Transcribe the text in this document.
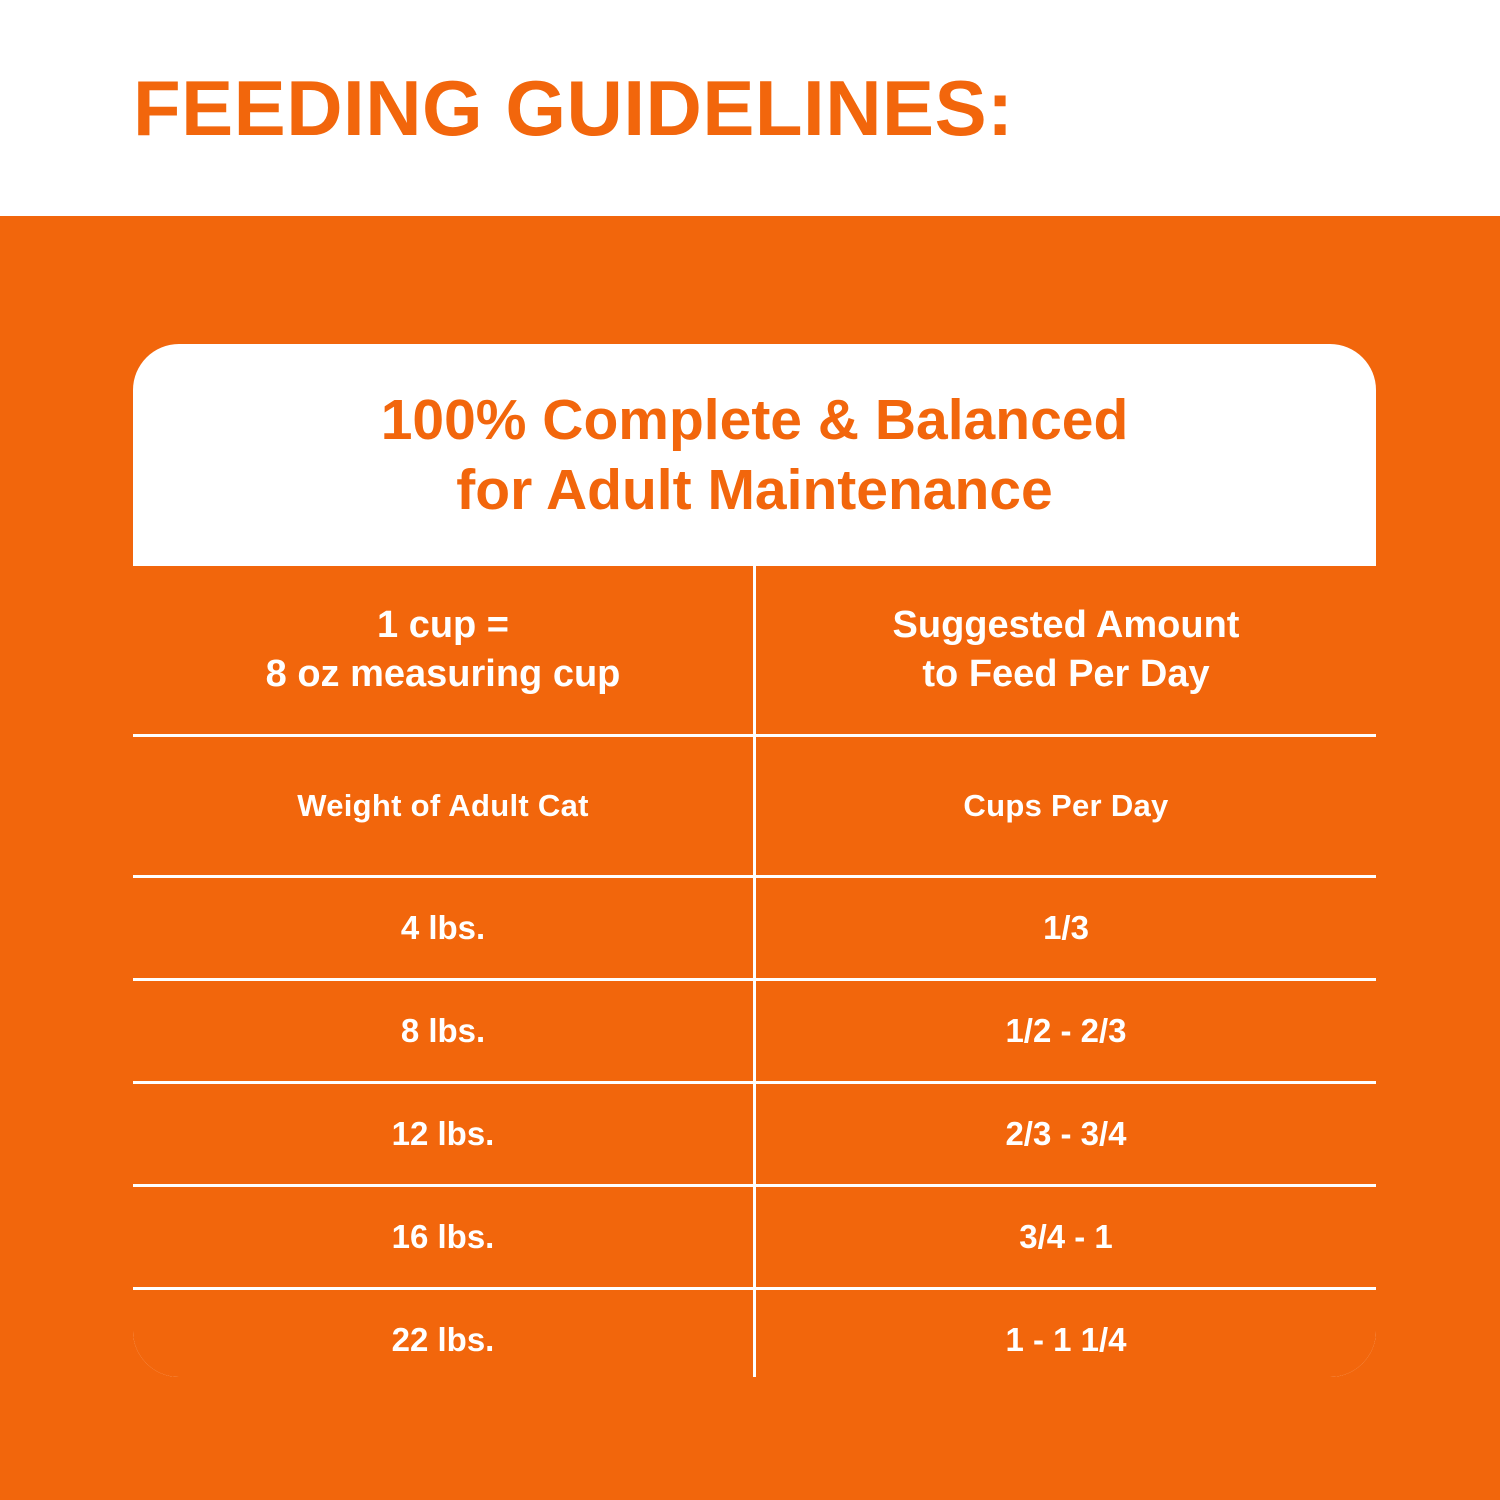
FEEDING GUIDELINES:
100% Complete & Balanced
for Adult Maintenance
1 cup =
8 oz measuring cup

Suggested Amount
to Feed Per Day

Weight of Adult Cat	Cups Per Day
4 lbs.	1/3
8 lbs.	1/2 - 2/3
12 lbs.	2/3 - 3/4
16 lbs.	3/4 - 1
22 lbs.	1 - 1 1/4
